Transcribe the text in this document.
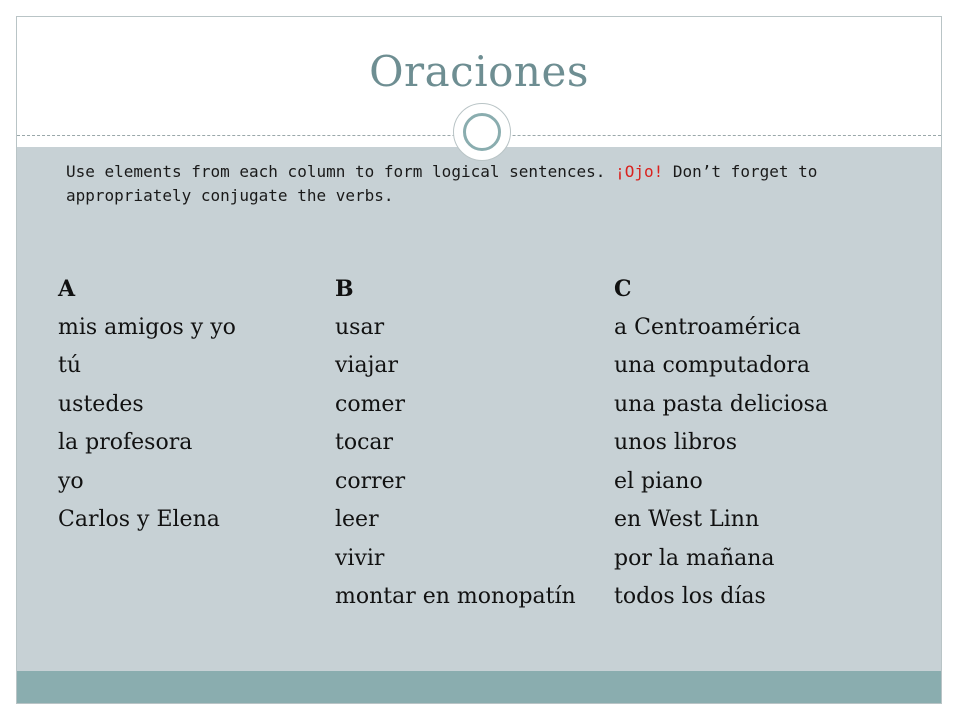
Oraciones
Use elements from each column to form logical sentences. ¡Ojo! Don’t forget to appropriately conjugate the verbs.
A
mis amigos y yo
tú
ustedes
la profesora
yo
Carlos y Elena
B
usar
viajar
comer
tocar
correr
leer
vivir
montar en monopatín
C
a Centroamérica
una computadora
una pasta deliciosa
unos libros
el piano
en West Linn
por la mañana
todos los días
